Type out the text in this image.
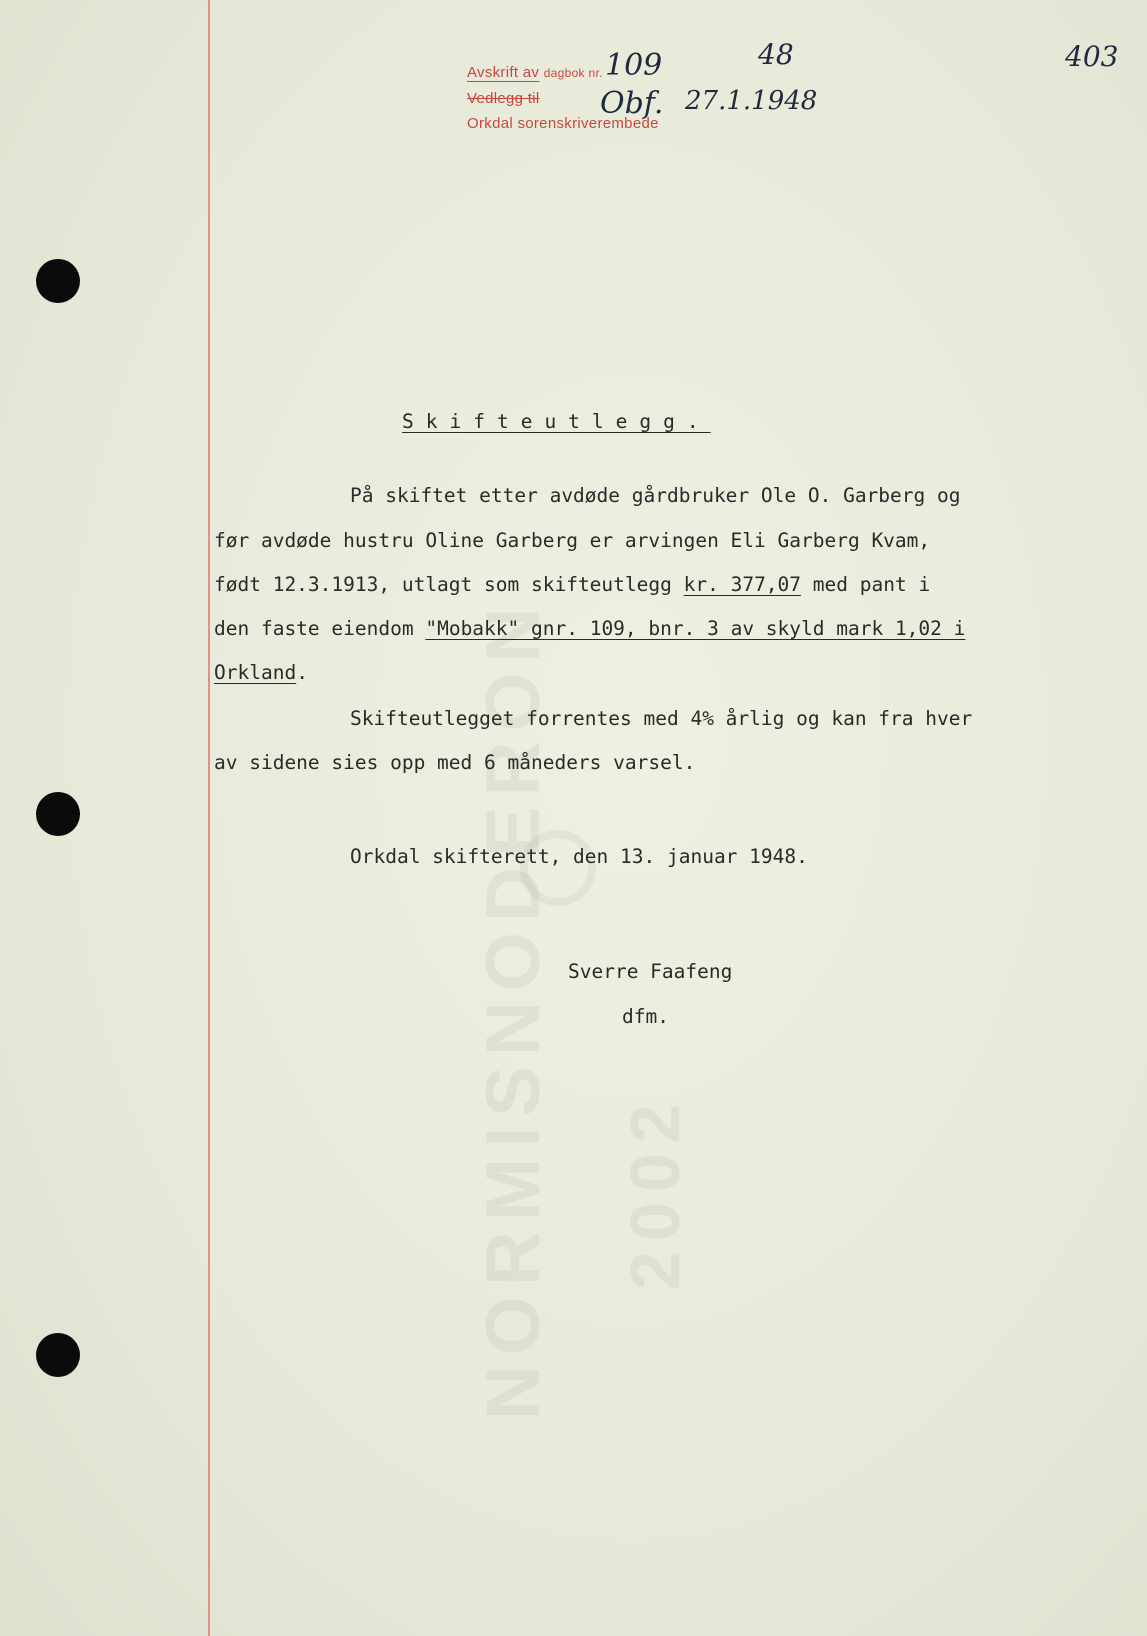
NORMISNODERON 2002
Avskrift av dagbok nr.
Vedlegg til
Orkdal sorenskriverembede
109	48
Obf. 27.1.1948
403
Skifteutlegg.
På skiftet etter avdøde gårdbruker Ole O. Garberg og
før avdøde hustru Oline Garberg er arvingen Eli Garberg Kvam,
født 12.3.1913, utlagt som skifteutlegg kr. 377,07 med pant i
den faste eiendom "Mobakk" gnr. 109, bnr. 3 av skyld mark 1,02 i
Orkland.
Skifteutlegget forrentes med 4% årlig og kan fra hver
av sidene sies opp med 6 måneders varsel.
Orkdal skifterett, den 13. januar 1948.
Sverre Faafeng
dfm.
